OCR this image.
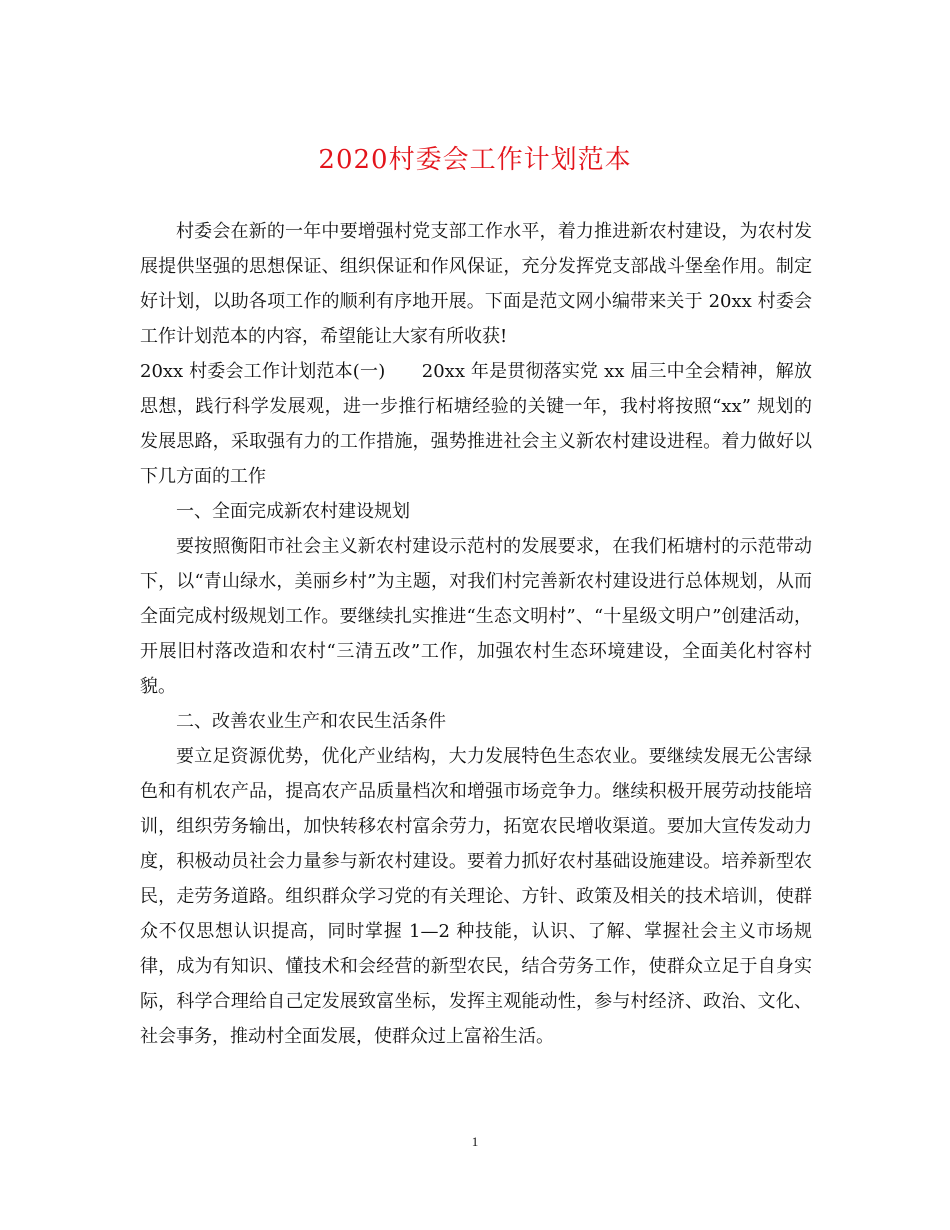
2020村委会工作计划范本

村委会在新的一年中要增强村党支部工作水平，着力推进新农村建设，为农村发展提供坚强的思想保证、组织保证和作风保证，充分发挥党支部战斗堡垒作用。制定好计划，以助各项工作的顺利有序地开展。下面是范文网小编带来关于 20xx 村委会工作计划范本的内容，希望能让大家有所收获!

20xx 村委会工作计划范本(一)　　20xx 年是贯彻落实党 xx 届三中全会精神，解放思想，践行科学发展观，进一步推行柘塘经验的关键一年，我村将按照“xx” 规划的发展思路，采取强有力的工作措施，强势推进社会主义新农村建设进程。着力做好以下几方面的工作

一、全面完成新农村建设规划

要按照衡阳市社会主义新农村建设示范村的发展要求，在我们柘塘村的示范带动下，以“青山绿水，美丽乡村”为主题，对我们村完善新农村建设进行总体规划，从而全面完成村级规划工作。要继续扎实推进“生态文明村”、“十星级文明户”创建活动，开展旧村落改造和农村“三清五改”工作，加强农村生态环境建设，全面美化村容村貌。

二、改善农业生产和农民生活条件

要立足资源优势，优化产业结构，大力发展特色生态农业。要继续发展无公害绿色和有机农产品，提高农产品质量档次和增强市场竞争力。继续积极开展劳动技能培训，组织劳务输出，加快转移农村富余劳力，拓宽农民增收渠道。要加大宣传发动力度，积极动员社会力量参与新农村建设。要着力抓好农村基础设施建设。培养新型农民，走劳务道路。组织群众学习党的有关理论、方针、政策及相关的技术培训，使群众不仅思想认识提高，同时掌握 1—2 种技能，认识、了解、掌握社会主义市场规律，成为有知识、懂技术和会经营的新型农民，结合劳务工作，使群众立足于自身实际，科学合理给自己定发展致富坐标，发挥主观能动性，参与村经济、政治、文化、社会事务，推动村全面发展，使群众过上富裕生活。

1
